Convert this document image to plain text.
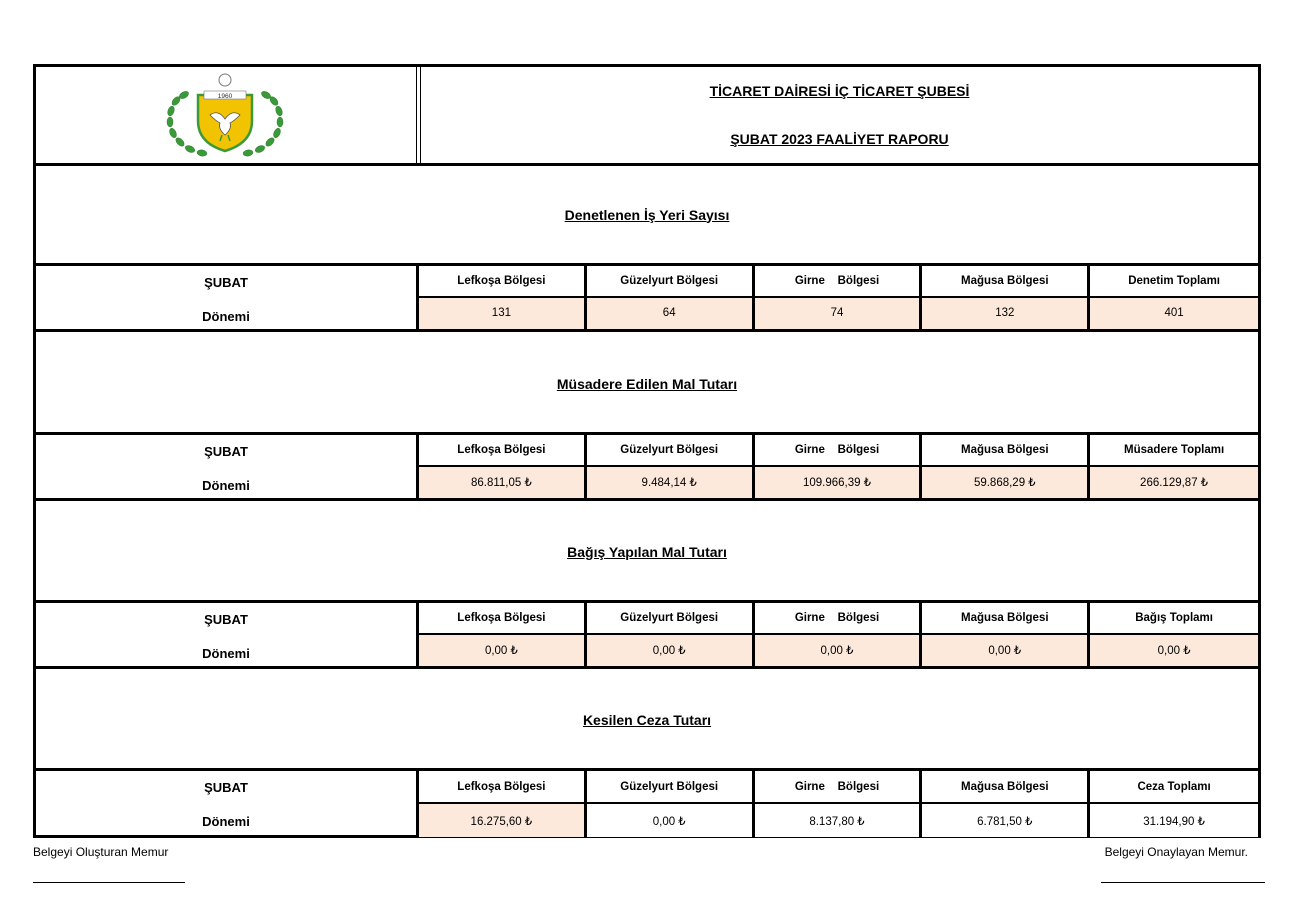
1960	TİCARET DAİRESİ İÇ TİCARET ŞUBESİ
ŞUBAT 2023 FAALİYET RAPORU
Denetlenen İş Yeri Sayısı
ŞUBAT
Dönemi
Lefkoşa Bölgesi	Güzelyurt Bölgesi	Girne    Bölgesi	Mağusa Bölgesi	Denetim Toplamı
131	64	74	132	401
Müsadere Edilen Mal Tutarı
ŞUBAT
Dönemi
Lefkoşa Bölgesi	Güzelyurt Bölgesi	Girne    Bölgesi	Mağusa Bölgesi	Müsadere Toplamı
86.811,05 ₺	9.484,14 ₺	109.966,39 ₺	59.868,29 ₺	266.129,87 ₺
Bağış Yapılan Mal Tutarı
ŞUBAT
Dönemi
Lefkoşa Bölgesi	Güzelyurt Bölgesi	Girne    Bölgesi	Mağusa Bölgesi	Bağış Toplamı
0,00 ₺	0,00 ₺	0,00 ₺	0,00 ₺	0,00 ₺
Kesilen Ceza Tutarı
ŞUBAT
Dönemi
Lefkoşa Bölgesi	Güzelyurt Bölgesi	Girne    Bölgesi	Mağusa Bölgesi	Ceza Toplamı
16.275,60 ₺	0,00 ₺	8.137,80 ₺	6.781,50 ₺	31.194,90 ₺
Belgeyi Oluşturan Memur	Belgeyi Onaylayan Memur.
